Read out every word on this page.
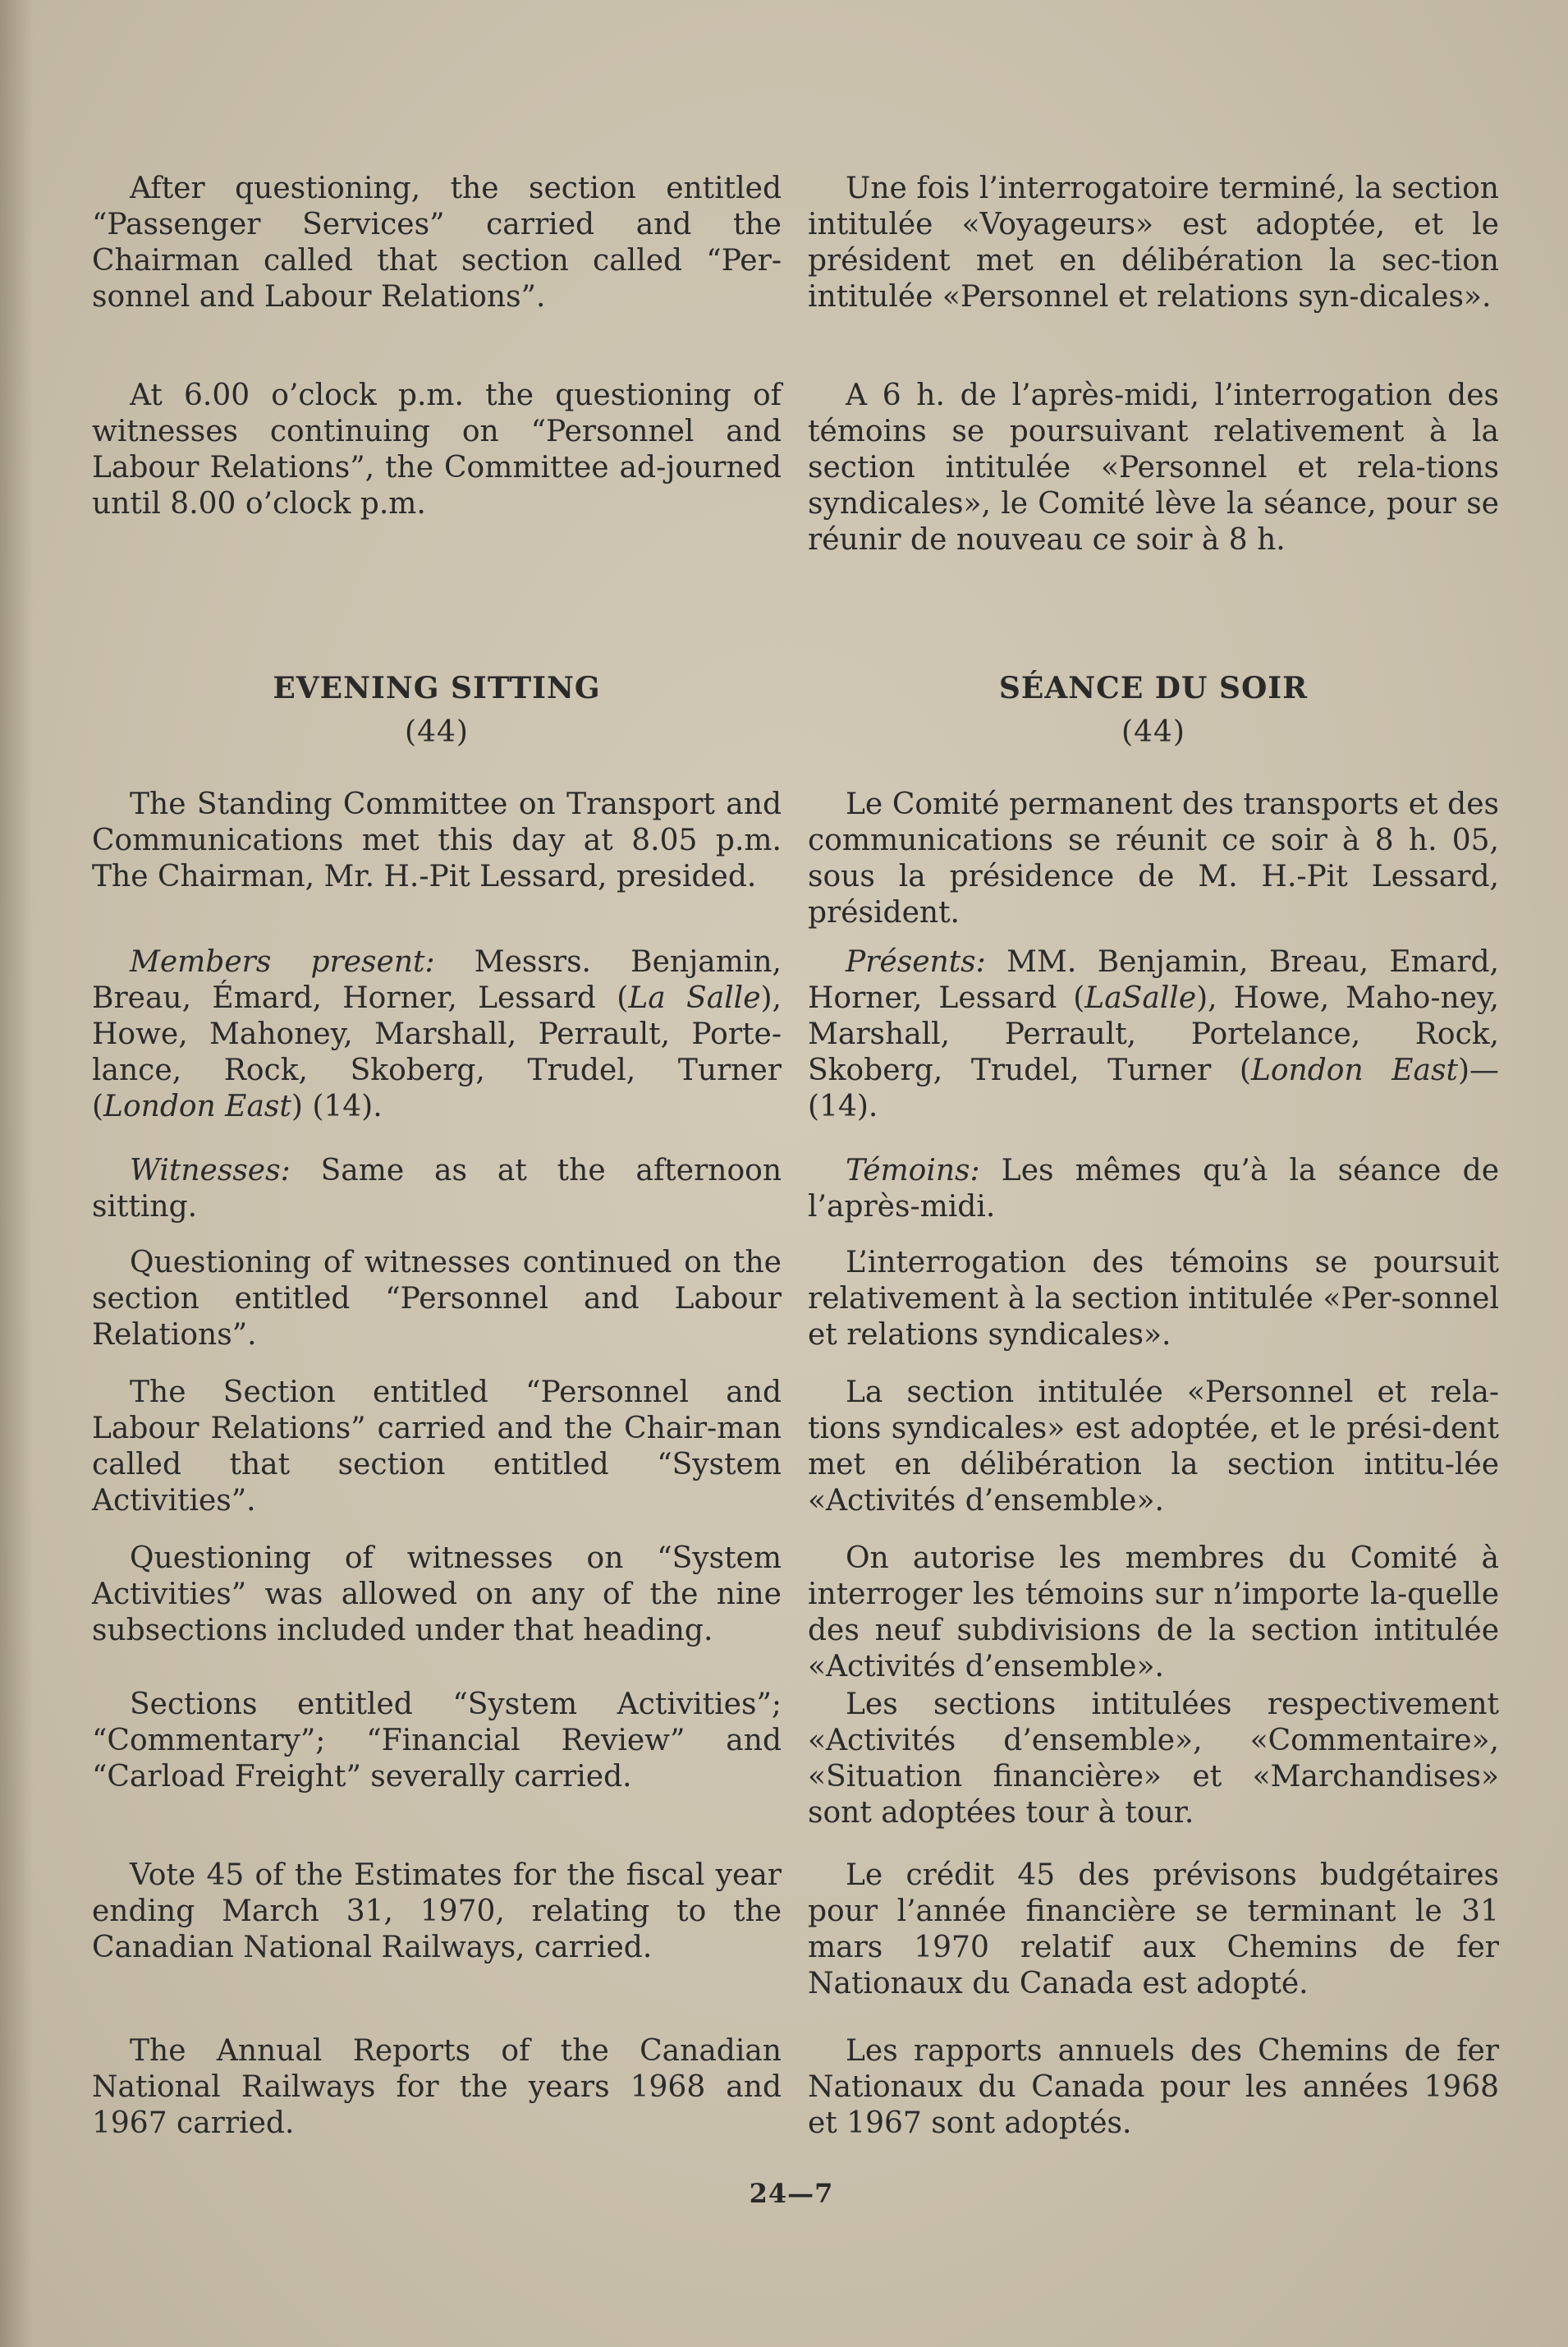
After questioning, the section entitled “Passenger Services” carried and the Chairman called that section called “Per-sonnel and Labour Relations”.

At 6.00 o’clock p.m. the questioning of witnesses continuing on “Personnel and Labour Relations”, the Committee ad-journed until 8.00 o’clock p.m.

EVENING SITTING
(44)

The Standing Committee on Transport and Communications met this day at 8.05 p.m. The Chairman, Mr. H.-Pit Lessard, presided.

Members present: Messrs. Benjamin, Breau, Émard, Horner, Lessard (La Salle), Howe, Mahoney, Marshall, Perrault, Porte-lance, Rock, Skoberg, Trudel, Turner (London East) (14).

Witnesses: Same as at the afternoon sitting.

Questioning of witnesses continued on the section entitled “Personnel and Labour Relations”.

The Section entitled “Personnel and Labour Relations” carried and the Chair-man called that section entitled “System Activities”.

Questioning of witnesses on “System Activities” was allowed on any of the nine subsections included under that heading.

Sections entitled “System Activities”; “Commentary”; “Financial Review” and “Carload Freight” severally carried.

Vote 45 of the Estimates for the fiscal year ending March 31, 1970, relating to the Canadian National Railways, carried.

The Annual Reports of the Canadian National Railways for the years 1968 and 1967 carried.

Une fois l’interrogatoire terminé, la section intitulée «Voyageurs» est adoptée, et le président met en délibération la sec-tion intitulée «Personnel et relations syn-dicales».

A 6 h. de l’après-midi, l’interrogation des témoins se poursuivant relativement à la section intitulée «Personnel et rela-tions syndicales», le Comité lève la séance, pour se réunir de nouveau ce soir à 8 h.

SÉANCE DU SOIR
(44)

Le Comité permanent des transports et des communications se réunit ce soir à 8 h. 05, sous la présidence de M. H.-Pit Lessard, président.

Présents: MM. Benjamin, Breau, Emard, Horner, Lessard (LaSalle), Howe, Maho-ney, Marshall, Perrault, Portelance, Rock, Skoberg, Trudel, Turner (London East)— (14).

Témoins: Les mêmes qu’à la séance de l’après-midi.

L’interrogation des témoins se poursuit relativement à la section intitulée «Per-sonnel et relations syndicales».

La section intitulée «Personnel et rela-tions syndicales» est adoptée, et le prési-dent met en délibération la section intitu-lée «Activités d’ensemble».

On autorise les membres du Comité à interroger les témoins sur n’importe la-quelle des neuf subdivisions de la section intitulée «Activités d’ensemble».

Les sections intitulées respectivement «Activités d’ensemble», «Commentaire», «Situation financière» et «Marchandises» sont adoptées tour à tour.

Le crédit 45 des prévisons budgétaires pour l’année financière se terminant le 31 mars 1970 relatif aux Chemins de fer Nationaux du Canada est adopté.

Les rapports annuels des Chemins de fer Nationaux du Canada pour les années 1968 et 1967 sont adoptés.

24—7
